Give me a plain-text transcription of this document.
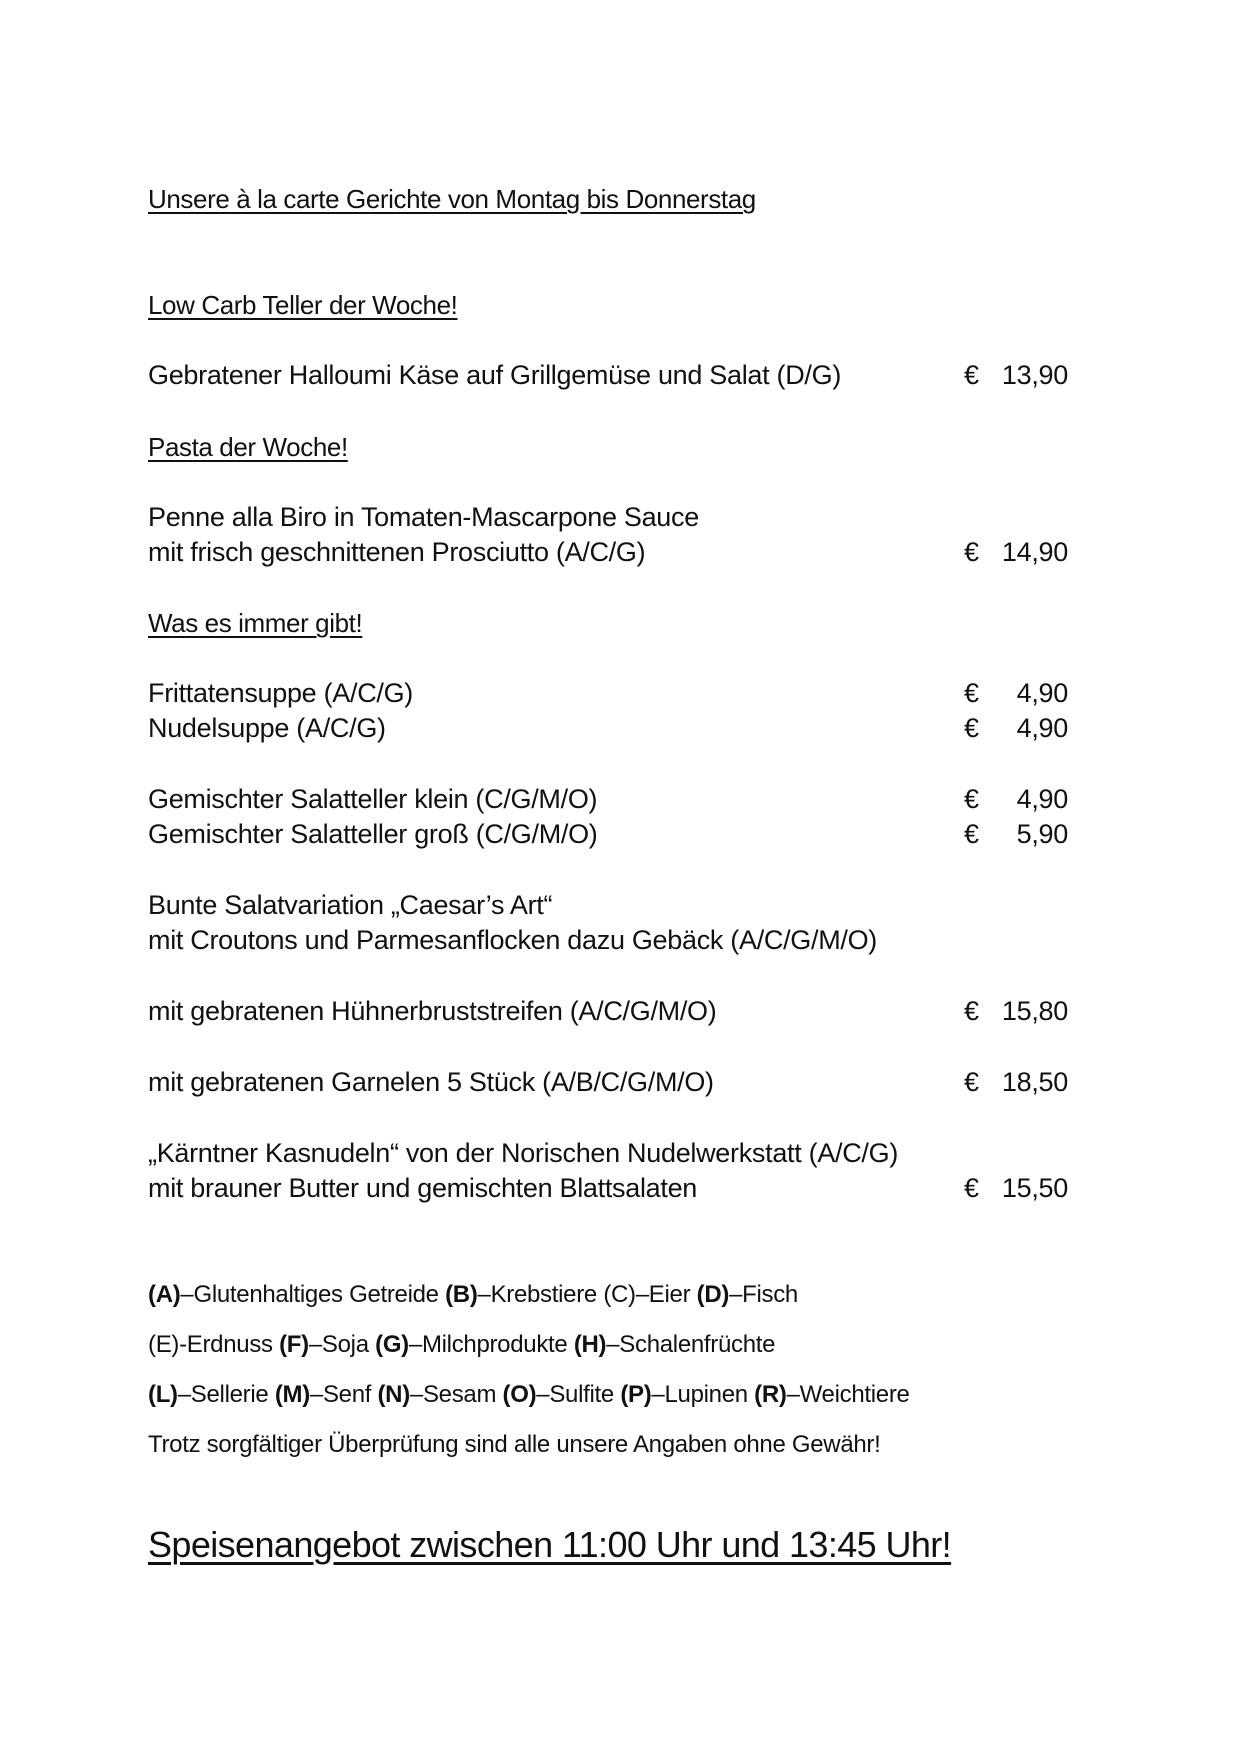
Unsere à la carte Gerichte von Montag bis Donnerstag
Low Carb Teller der Woche!
Gebratener Halloumi Käse auf Grillgemüse und Salat (D/G)	€ 13,90
Pasta der Woche!
Penne alla Biro in Tomaten-Mascarpone Sauce
mit frisch geschnittenen Prosciutto (A/C/G)	€ 14,90
Was es immer gibt!
Frittatensuppe (A/C/G)	€ 4,90
Nudelsuppe (A/C/G)	€ 4,90
Gemischter Salatteller klein (C/G/M/O)	€ 4,90
Gemischter Salatteller groß (C/G/M/O)	€ 5,90
Bunte Salatvariation „Caesar’s Art“
mit Croutons und Parmesanflocken dazu Gebäck (A/C/G/M/O)
mit gebratenen Hühnerbruststreifen (A/C/G/M/O)	€ 15,80
mit gebratenen Garnelen 5 Stück (A/B/C/G/M/O)	€ 18,50
„Kärntner Kasnudeln“ von der Norischen Nudelwerkstatt (A/C/G)
mit brauner Butter und gemischten Blattsalaten	€ 15,50
(A)–Glutenhaltiges Getreide (B)–Krebstiere (C)–Eier (D)–Fisch
(E)-Erdnuss (F)–Soja (G)–Milchprodukte (H)–Schalenfrüchte
(L)–Sellerie (M)–Senf (N)–Sesam (O)–Sulfite (P)–Lupinen (R)–Weichtiere
Trotz sorgfältiger Überprüfung sind alle unsere Angaben ohne Gewähr!
Speisenangebot zwischen 11:00 Uhr und 13:45 Uhr!
